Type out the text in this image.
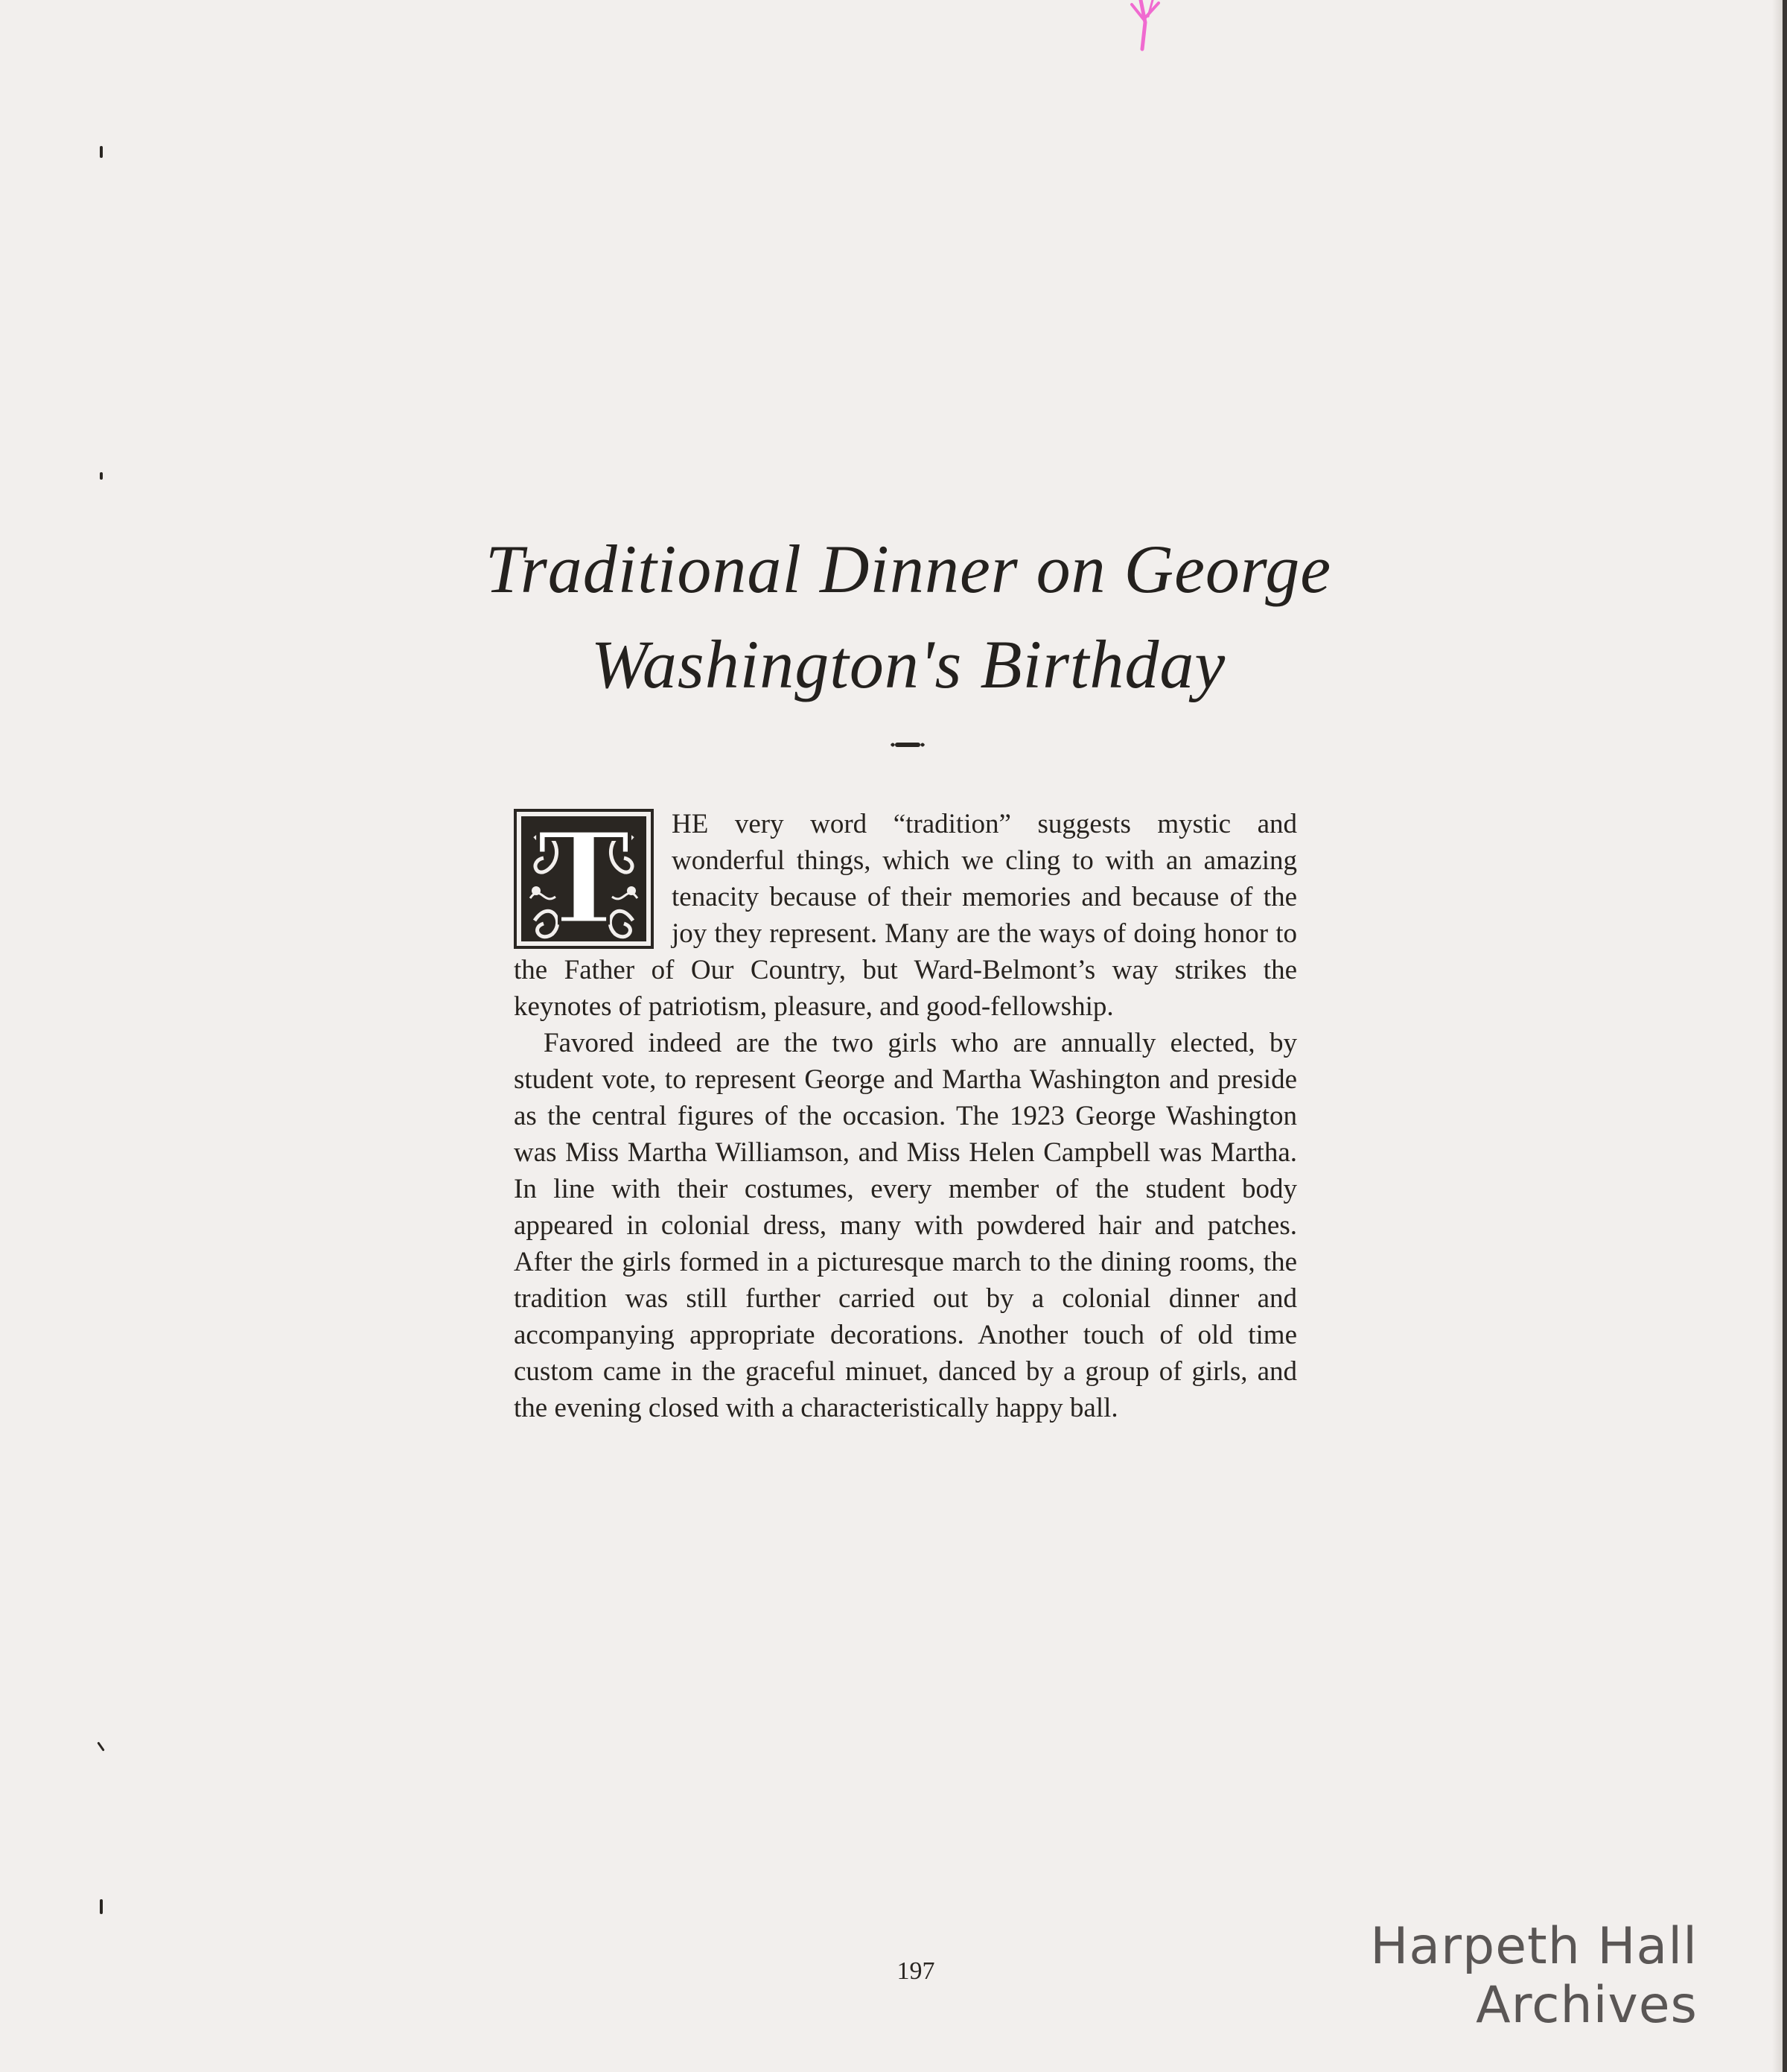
Traditional Dinner on George
Washington's Birthday
T	HE very word “tradition” suggests mystic and wonderful things, which we cling to with an amazing tenacity because of their memories and because of the joy they represent. Many are the ways of doing honor to the Father of Our Country, but Ward-Belmont’s way strikes the keynotes of patriotism, pleasure, and good-fellowship.

Favored indeed are the two girls who are annually elected, by student vote, to represent George and Martha Washington and preside as the central figures of the occasion. The 1923 George Washington was Miss Martha Williamson, and Miss Helen Campbell was Martha. In line with their costumes, every member of the student body appeared in colonial dress, many with powdered hair and patches. After the girls formed in a picturesque march to the dining rooms, the tradition was still further carried out by a colonial dinner and accompanying appropriate decorations. Another touch of old time custom came in the graceful minuet, danced by a group of girls, and the evening closed with a characteristically happy ball.

197	Harpeth Hall Archives
